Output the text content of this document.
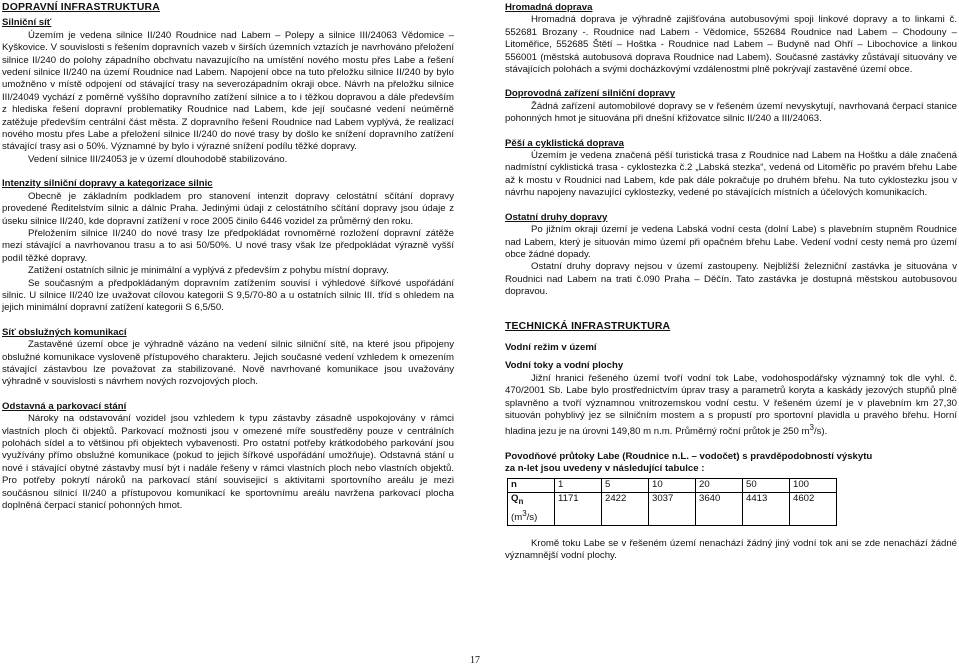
DOPRAVNÍ INFRASTRUKTURA
Silniční síť

Územím je vedena silnice II/240 Roudnice nad Labem – Polepy a silnice III/24063 Vědomice – Kyškovice. V souvislosti s řešením dopravních vazeb v širších územních vztazích je navrhováno přeložení silnice II/240 do polohy západního obchvatu navazujícího na umístění nového mostu přes Labe a řešení vedení silnice II/240 na území Roudnice nad Labem. Napojení obce na tuto přeložku silnice II/240 by bylo umožněno v místě odpojení od stávající trasy na severozápadním okraji obce. Návrh na přeložku silnice III/24049 vychází z poměrně vyššího dopravního zatížení silnice a to i těžkou dopravou a dále především z hlediska řešení dopravní problematiky Roudnice nad Labem, kde její současné vedení neúměrně zatěžuje především centrální část města. Z dopravního řešení Roudnice nad Labem vyplývá, že realizací nového mostu přes Labe a přeložení silnice II/240 do nové trasy by došlo ke snížení dopravního zatížení stávající trasy asi o 50%. Významné by bylo i výrazné snížení podílu těžké dopravy.

Vedení silnice III/24053 je v území dlouhodobě stabilizováno.

Intenzity silniční dopravy a kategorizace silnic

Obecně je základním podkladem pro stanovení intenzit dopravy celostátní sčítání dopravy provedené Ředitelstvím silnic a dálnic Praha. Jedinými údaji z celostátního sčítání dopravy jsou údaje z úseku silnice II/240, kde dopravní zatížení v roce 2005 činilo 6446 vozidel za průměrný den roku.

Přeložením silnice II/240 do nové trasy lze předpokládat rovnoměrné rozložení dopravní zátěže mezi stávající a navrhovanou trasu a to asi 50/50%. U nové trasy však lze předpokládat výrazně vyšší podíl těžké dopravy.

Zatížení ostatních silnic je minimální a vyplývá z především z pohybu místní dopravy.

Se současným a předpokládaným dopravním zatížením souvisí i výhledové šířkové uspořádání silnic. U silnice II/240 lze uvažovat cílovou kategorii S 9,5/70-80 a u ostatních silnic III. tříd s ohledem na jejich minimální dopravní zatížení kategorii S 6,5/50.

Síť obslužných komunikací

Zastavěné území obce je výhradně vázáno na vedení silnic silniční sítě, na které jsou připojeny obslužné komunikace vysloveně přístupového charakteru. Jejich současné vedení vzhledem k omezením stávající zástavbou lze považovat za stabilizované. Nově navrhované komunikace jsou uvažovány výhradně v souvislosti s návrhem nových rozvojových ploch.

Odstavná a parkovací stání

Nároky na odstavování vozidel jsou vzhledem k typu zástavby zásadně uspokojovány v rámci vlastních ploch či objektů. Parkovací možnosti jsou v omezené míře soustředěny pouze v centrálních polohách sídel a to většinou při objektech vybavenosti. Pro ostatní potřeby krátkodobého parkování jsou využívány přímo obslužné komunikace (pokud to jejich šířkové uspořádání umožňuje). Odstavná stání u nové i stávající obytné zástavby musí být i nadále řešeny v rámci vlastních ploch nebo vlastních objektů. Pro potřeby pokrytí nároků na parkovací stání souvisejicí s aktivitami sportovního areálu je mezi součásnou silnicí II/240 a přístupovou komunikací ke sportovnímu areálu navržena parkovací plocha doplněná čerpací stanicí pohonných hmot.

Hromadná doprava

Hromadná doprava je výhradně zajišťována autobusovými spoji linkové dopravy a to linkami č. 552681 Brozany -. Roudnice nad Labem - Vědomice, 552684 Roudnice nad Labem – Chodouny – Litoměřice, 552685 Štětí – Hoštka - Roudnice nad Labem – Budyně nad Ohří – Libochovice a linkou 556001 (městská autobusová doprava Roudnice nad Labem). Současné zastávky zůstávají situovány ve stávajících polohách a svými docházkovými vzdálenostmi plně pokrývají zastavěné území obce.

Doprovodná zařízení silniční dopravy

Žádná zařízení automobilové dopravy se v řešeném území nevyskytují, navrhovaná čerpací stanice pohonných hmot je situována při dnešní křižovatce silnic II/240 a III/24063.

Pěší a cyklistická doprava

Územím je vedena značená pěší turistická trasa z Roudnice nad Labem na Hoštku a dále značená nadmístní cyklistická trasa - cyklostezka č.2 „Labská stezka“, vedená od Litoměřic po pravém břehu Labe až k mostu v Roudnici nad Labem, kde pak dále pokračuje po druhém břehu. Na tuto cyklostezku jsou v návrhu napojeny navazující cyklostezky, vedené po stávajících místních a účelových komunikacích.

Ostatní druhy dopravy

Po jižním okraji území je vedena Labská vodní cesta (dolní Labe) s plavebním stupněm Roudnice nad Labem, který je situován mimo území při opačném břehu Labe. Vedení vodní cesty nemá pro území obce žádné dopady.

Ostatní druhy dopravy nejsou v území zastoupeny. Nejbližší železniční zastávka je situována v Roudnici nad Labem na trati č.090 Praha – Děčín. Tato zastávka je dostupná městskou autobusovou dopravou.

TECHNICKÁ INFRASTRUKTURA
Vodní režim v území
Vodní toky a vodní plochy

Jižní hranici řešeného území tvoří vodní tok Labe, vodohospodářsky významný tok dle vyhl. č. 470/2001 Sb. Labe bylo prostřednictvím úprav trasy a parametrů koryta a kaskády jezových stupňů plně splavněno a tvoří významnou vnitrozemskou vodní cestu. V řešeném území je v plavebním km 27,30 situován pohyblivý jez se silničním mostem a s propustí pro sportovní plavidla u pravého břehu. Horní hladina jezu je na úrovni 149,80 m n.m. Průměrný roční průtok je 250 $m^3/s$).

Povodňové průtoky Labe (Roudnice n.L. – vodočet) s pravděpodobností výskytu
za n-let jsou uvedeny v následující tabulce :
n	1	5	10	20	50	100
$Q_n$
$(m^3/s)$	1171	2422	3037	3640	4413	4602

Kromě toku Labe se v řešeném území nenachází žádný jiný vodní tok ani se zde nenachází žádné významnější vodní plochy.

17
